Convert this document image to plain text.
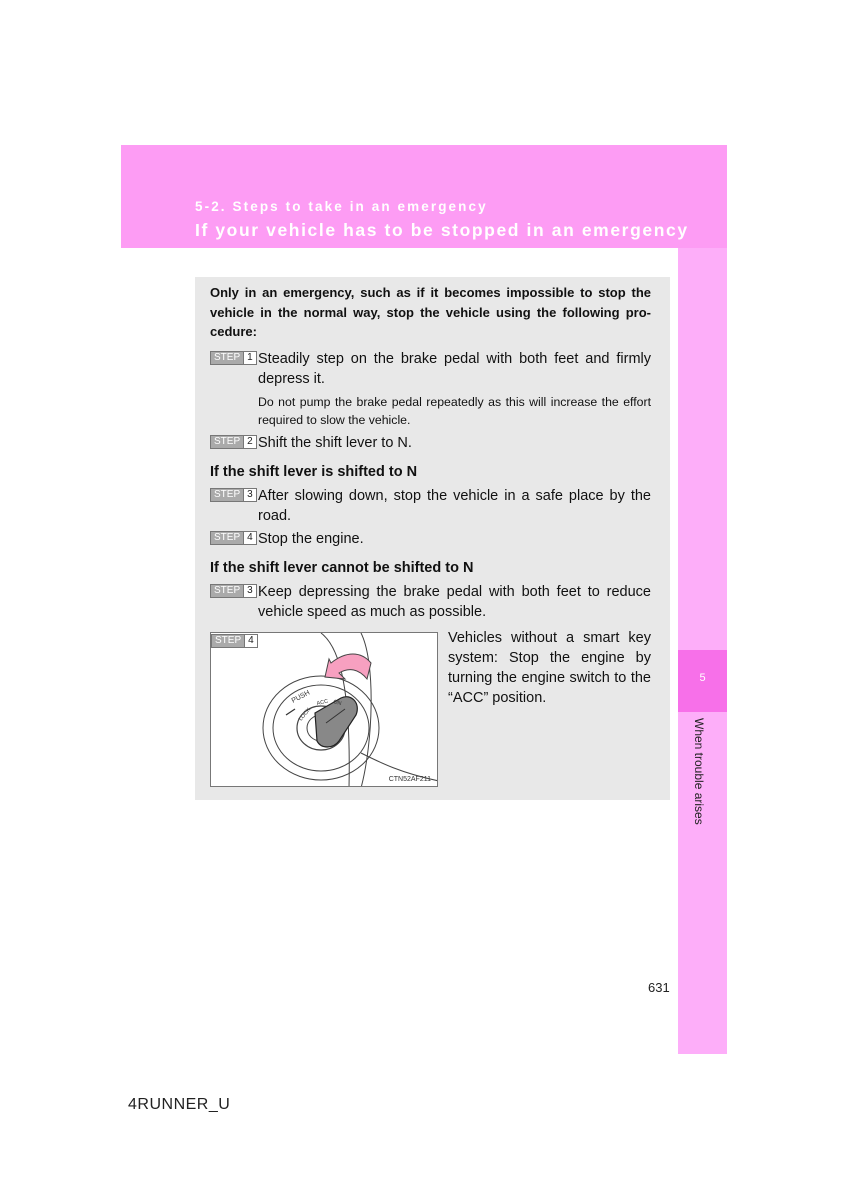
5-2. Steps to take in an emergency
If your vehicle has to be stopped in an emergency
5
When trouble arises
Only in an emergency, such as if it becomes impossible to stop the vehicle in the normal way, stop the vehicle using the following pro-cedure:
STEP 1 Steadily step on the brake pedal with both feet and firmly depress it.
Do not pump the brake pedal repeatedly as this will increase the effort required to slow the vehicle.
STEP 2 Shift the shift lever to N.
If the shift lever is shifted to N
STEP 3 After slowing down, stop the vehicle in a safe place by the road.
STEP 4 Stop the engine.
If the shift lever cannot be shifted to N
STEP 3 Keep depressing the brake pedal with both feet to reduce vehicle speed as much as possible.
STEP 4
PUSH
LOCK
ACC ON
CTN52AF211
Vehicles without a smart key system: Stop the engine by turning the engine switch to the “ACC” position.
631
4RUNNER_U
